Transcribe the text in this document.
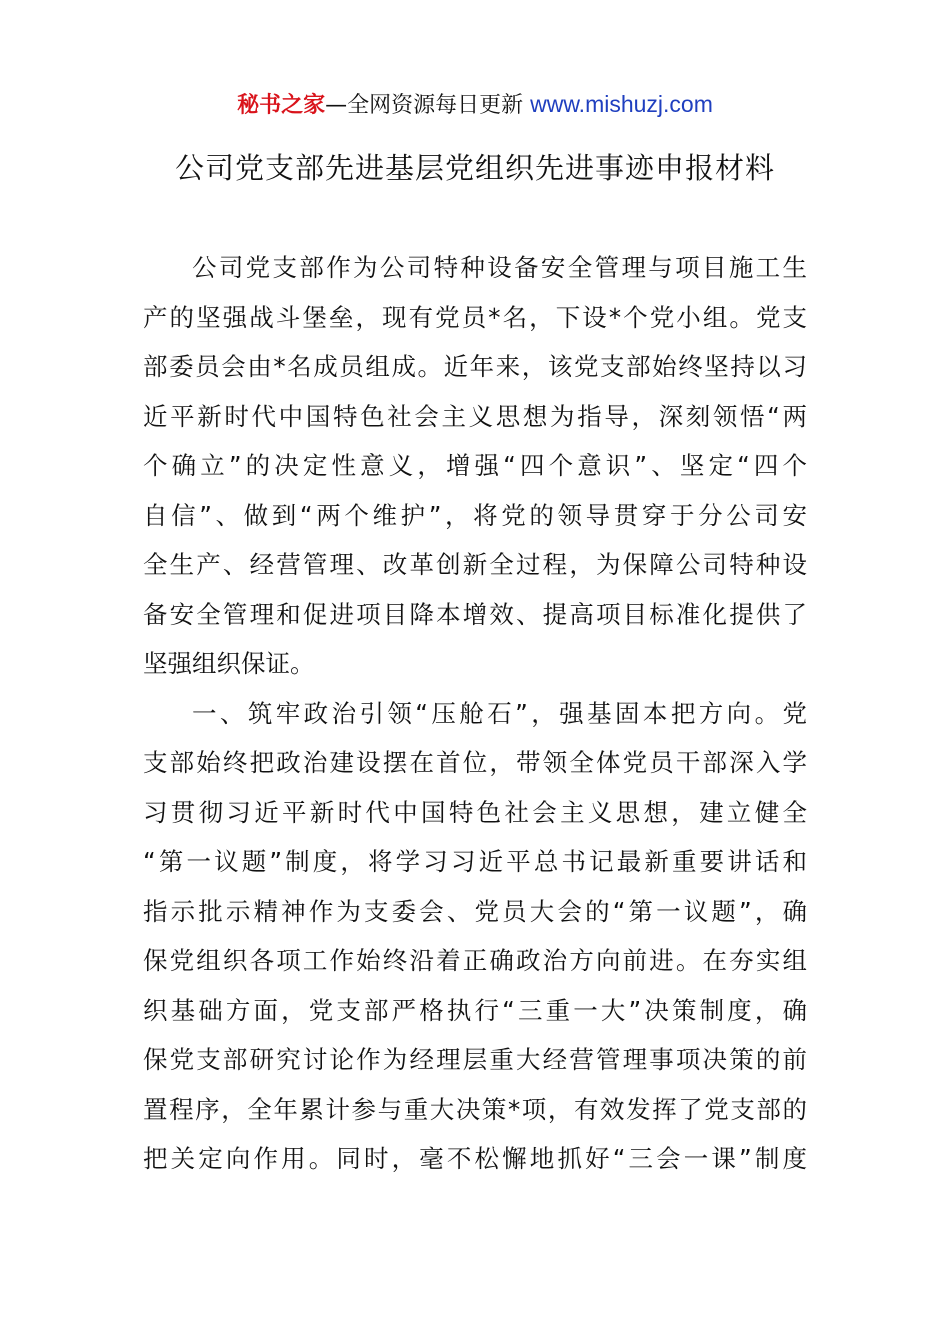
秘书之家—全网资源每日更新 www.mishuzj.com
公司党支部先进基层党组织先进事迹申报材料
公司党支部作为公司特种设备安全管理与项目施工生
产的坚强战斗堡垒，现有党员*名，下设*个党小组。党支
部委员会由*名成员组成。近年来，该党支部始终坚持以习
近平新时代中国特色社会主义思想为指导，深刻领悟“两
个确立”的决定性意义，增强“四个意识”、坚定“四个
自信”、做到“两个维护”，将党的领导贯穿于分公司安
全生产、经营管理、改革创新全过程，为保障公司特种设
备安全管理和促进项目降本增效、提高项目标准化提供了
坚强组织保证。
一、筑牢政治引领“压舱石”，强基固本把方向。党
支部始终把政治建设摆在首位，带领全体党员干部深入学
习贯彻习近平新时代中国特色社会主义思想，建立健全
“第一议题”制度，将学习习近平总书记最新重要讲话和
指示批示精神作为支委会、党员大会的“第一议题”，确
保党组织各项工作始终沿着正确政治方向前进。在夯实组
织基础方面，党支部严格执行“三重一大”决策制度，确
保党支部研究讨论作为经理层重大经营管理事项决策的前
置程序，全年累计参与重大决策*项，有效发挥了党支部的
把关定向作用。同时，毫不松懈地抓好“三会一课”制度
